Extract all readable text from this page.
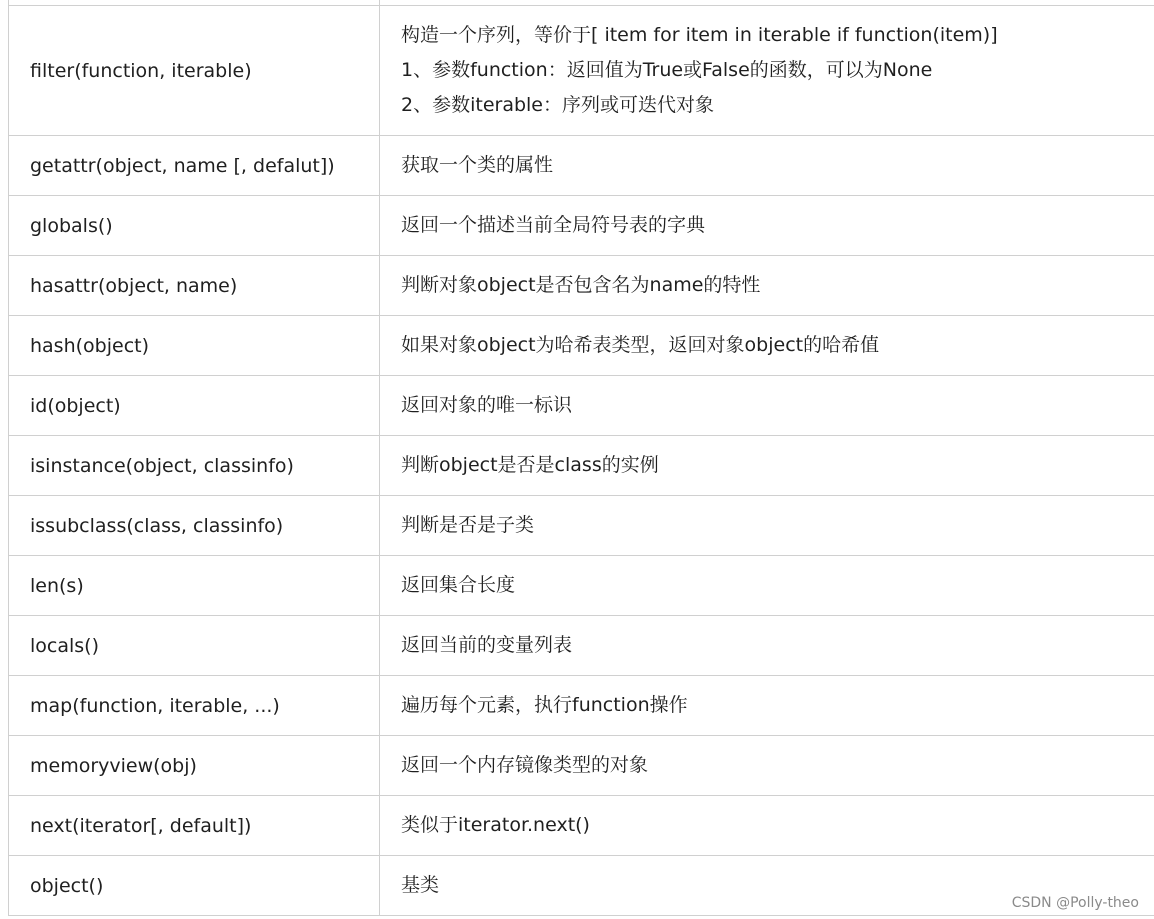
filter(function, iterable)	构造一个序列，等价于[ item for item in iterable if function(item)]
1、参数function：返回值为True或False的函数，可以为None
2、参数iterable：序列或可迭代对象

getattr(object, name [, defalut])	获取一个类的属性

globals()	返回一个描述当前全局符号表的字典

hasattr(object, name)	判断对象object是否包含名为name的特性

hash(object)	如果对象object为哈希表类型，返回对象object的哈希值

id(object)	返回对象的唯一标识

isinstance(object, classinfo)	判断object是否是class的实例

issubclass(class, classinfo)	判断是否是子类

len(s)	返回集合长度

locals()	返回当前的变量列表

map(function, iterable, ...)	遍历每个元素，执行function操作

memoryview(obj)	返回一个内存镜像类型的对象

next(iterator[, default])	类似于iterator.next()

object()	基类
CSDN @Polly-theo
